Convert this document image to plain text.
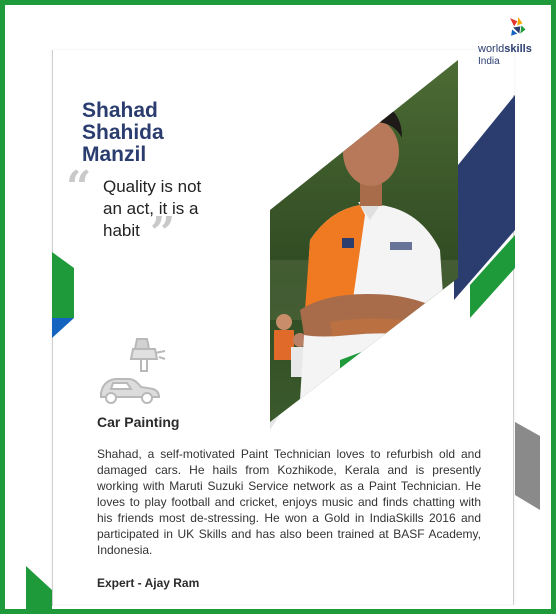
worldskills
India
Shahad
Shahida
Manzil
“ Quality is not
an act, it is a
habit ”
Car Painting
Shahad, a self-motivated Paint Technician loves to refurbish old and damaged cars. He hails from Kozhikode, Kerala and is presently working with Maruti Suzuki Service network as a Paint Technician. He loves to play football and cricket, enjoys music and finds chatting with his friends most de-stressing. He won a Gold in IndiaSkills 2016 and participated in UK Skills and has also been trained at BASF Academy, Indonesia.
Expert - Ajay Ram
